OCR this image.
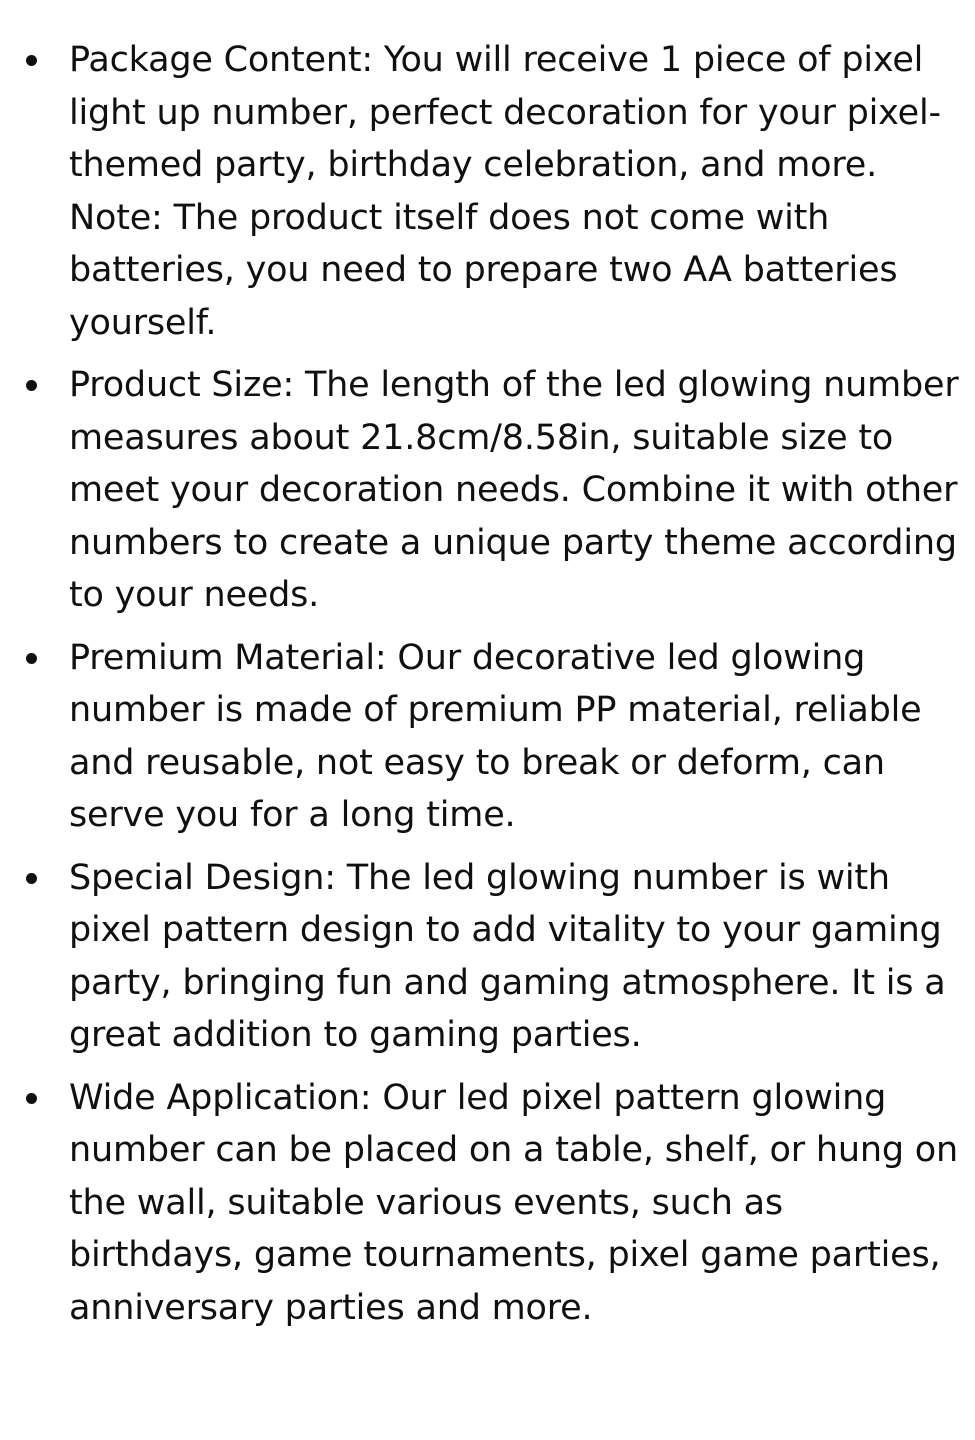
Package Content: You will receive 1 piece of pixel light up number, perfect decoration for your pixel-themed party, birthday celebration, and more. Note: The product itself does not come with batteries, you need to prepare two AA batteries yourself.
Product Size: The length of the led glowing number measures about 21.8cm/8.58in, suitable size to meet your decoration needs. Combine it with other numbers to create a unique party theme according to your needs.
Premium Material: Our decorative led glowing number is made of premium PP material, reliable and reusable, not easy to break or deform, can serve you for a long time.
Special Design: The led glowing number is with pixel pattern design to add vitality to your gaming party, bringing fun and gaming atmosphere. It is a great addition to gaming parties.
Wide Application: Our led pixel pattern glowing number can be placed on a table, shelf, or hung on the wall, suitable various events, such as birthdays, game tournaments, pixel game parties, anniversary parties and more.
